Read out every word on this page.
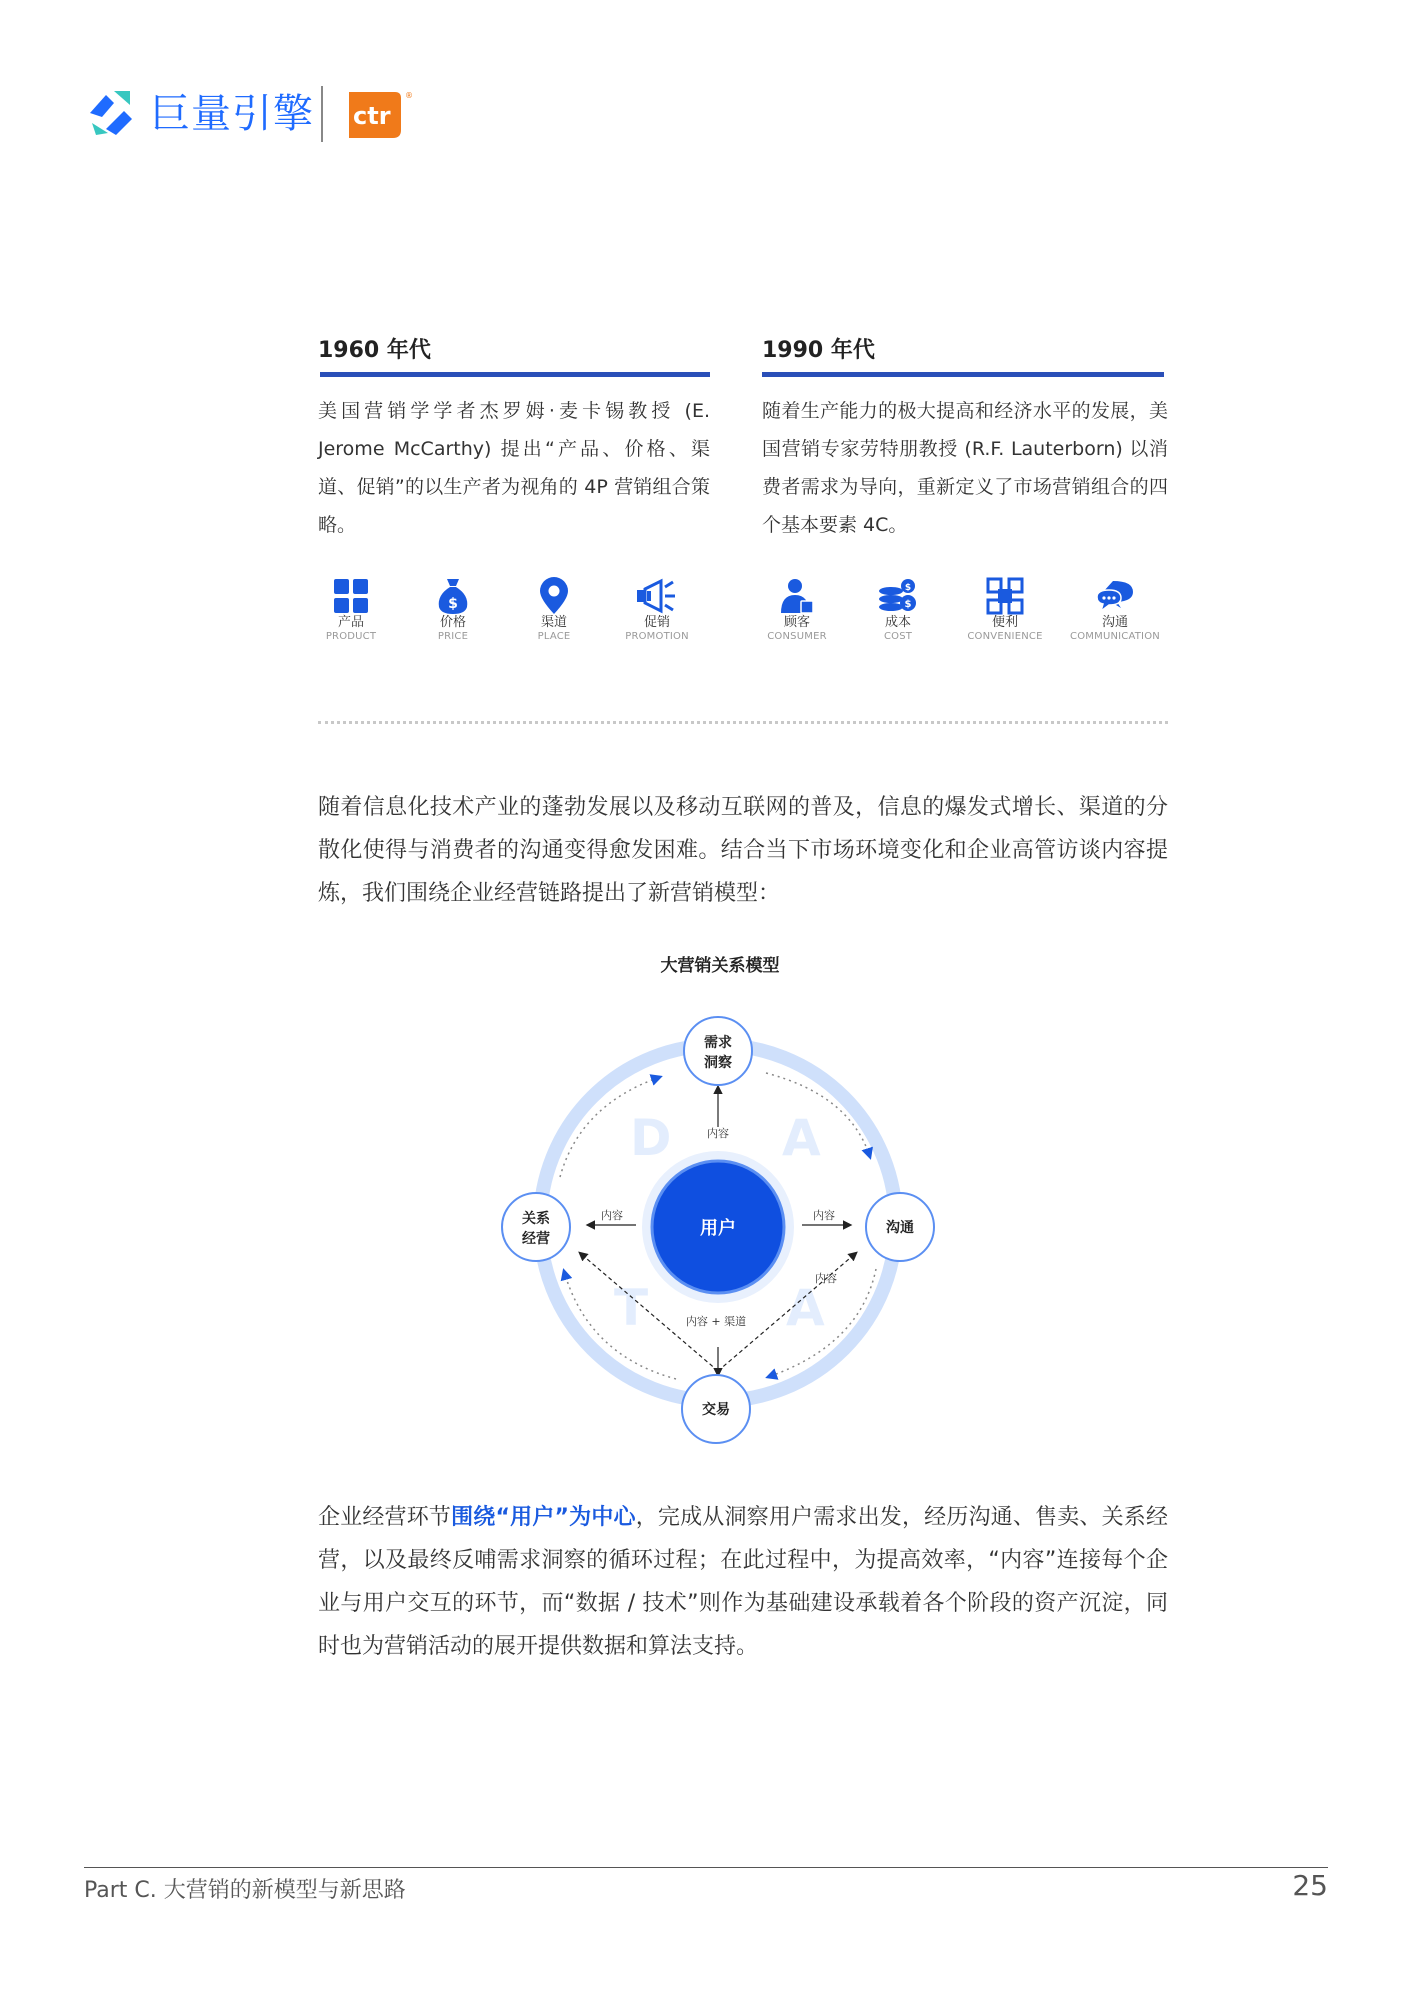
巨量引擎 ctr
®
1960 年代
美国营销学学者杰罗姆·麦卡锡教授 (E. Jerome McCarthy) 提出“产品、价格、渠道、促销”的以生产者为视角的 4P 营销组合策略。
1990 年代
随着生产能力的极大提高和经济水平的发展，美国营销专家劳特朋教授 (R.F. Lauterborn) 以消费者需求为导向，重新定义了市场营销组合的四个基本要素 4C。
产品
PRODUCT
$
价格
PRICE
渠道
PLACE
促销
PROMOTION
顾客
CONSUMER
$
$
成本
COST
便利
CONVENIENCE
沟通
COMMUNICATION
随着信息化技术产业的蓬勃发展以及移动互联网的普及，信息的爆发式增长、渠道的分散化使得与消费者的沟通变得愈发困难。结合当下市场环境变化和企业高管访谈内容提炼，我们围绕企业经营链路提出了新营销模型：
大营销关系模型
D A
T	A
用户
内容
内容
内容
内容
内容 + 渠道
需求
洞察
沟通
交易
关系
经营
企业经营环节围绕“用户”为中心，完成从洞察用户需求出发，经历沟通、售卖、关系经营，以及最终反哺需求洞察的循环过程；在此过程中，为提高效率，“内容”连接每个企业与用户交互的环节，而“数据 / 技术”则作为基础建设承载着各个阶段的资产沉淀，同时也为营销活动的展开提供数据和算法支持。
Part C. 大营销的新模型与新思路	25
